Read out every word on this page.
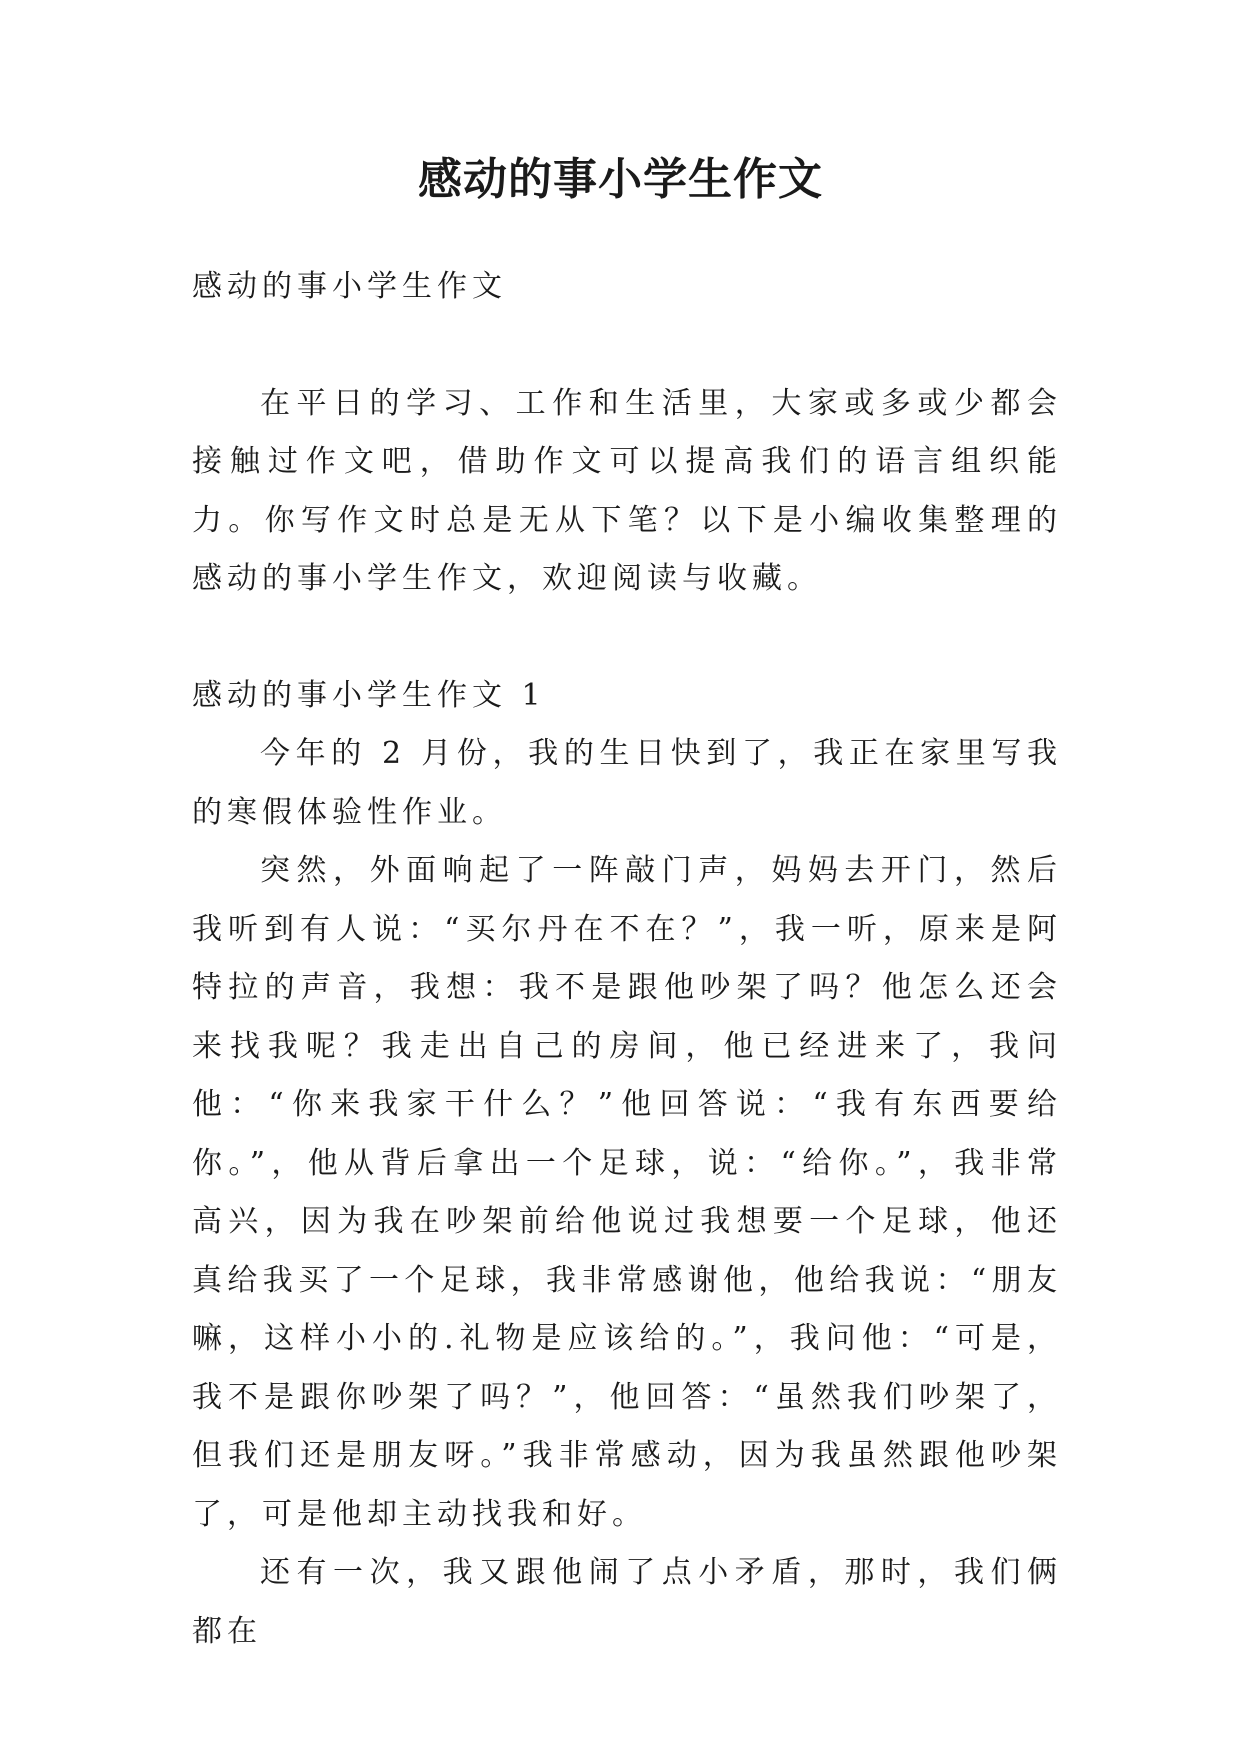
感动的事小学生作文

感动的事小学生作文

在平日的学习、工作和生活里，大家或多或少都会接触过作文吧，借助作文可以提高我们的语言组织能力。你写作文时总是无从下笔？以下是小编收集整理的感动的事小学生作文，欢迎阅读与收藏。

感动的事小学生作文 1

今年的 2 月份，我的生日快到了，我正在家里写我的寒假体验性作业。

突然，外面响起了一阵敲门声，妈妈去开门，然后我听到有人说：“买尔丹在不在？”，我一听，原来是阿特拉的声音，我想：我不是跟他吵架了吗？他怎么还会来找我呢？我走出自己的房间，他已经进来了，我问他：“你来我家干什么？”他回答说：“我有东西要给你。”，他从背后拿出一个足球，说：“给你。”，我非常高兴，因为我在吵架前给他说过我想要一个足球，他还真给我买了一个足球，我非常感谢他，他给我说：“朋友嘛，这样小小的.礼物是应该给的。”，我问他：“可是，我不是跟你吵架了吗？”，他回答：“虽然我们吵架了，但我们还是朋友呀。”我非常感动，因为我虽然跟他吵架了，可是他却主动找我和好。

还有一次，我又跟他闹了点小矛盾，那时，我们俩都在
